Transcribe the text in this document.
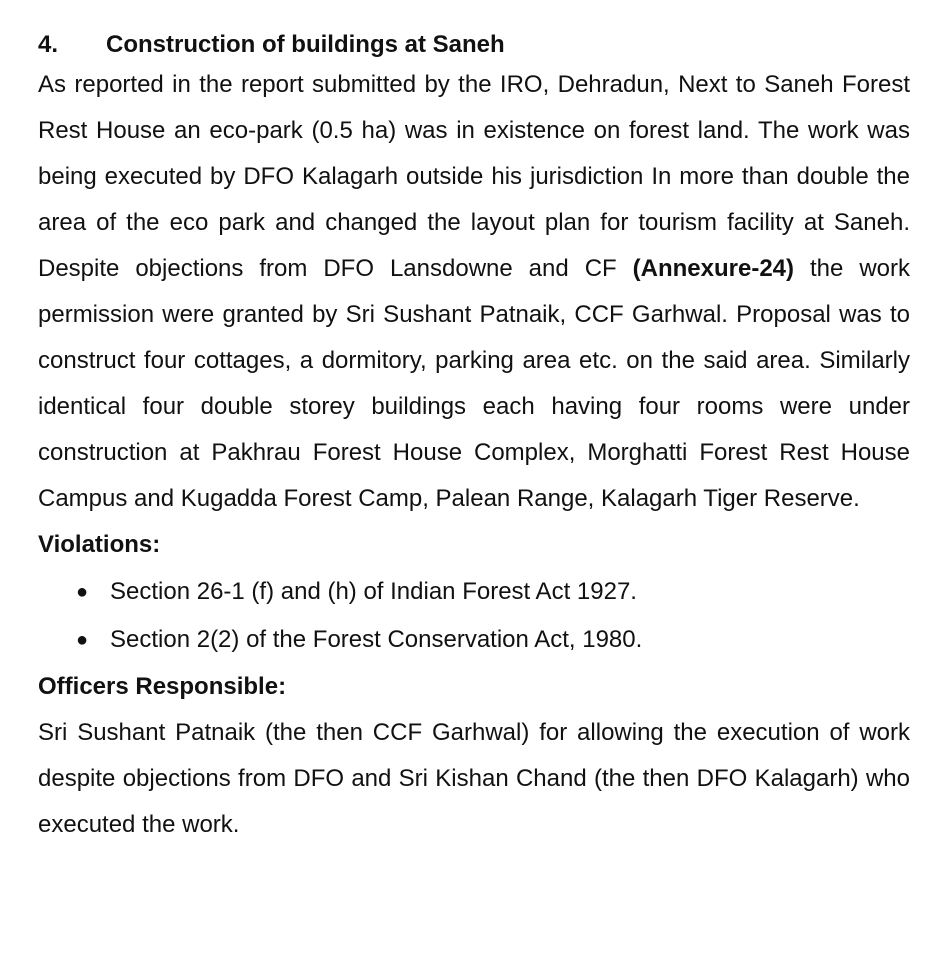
4.	Construction of buildings at Saneh

As reported in the report submitted by the IRO, Dehradun, Next to Saneh Forest Rest House an eco-park (0.5 ha) was in existence on forest land. The work was being executed by DFO Kalagarh outside his jurisdiction In more than double the area of the eco park and changed the layout plan for tourism facility at Saneh. Despite objections from DFO Lansdowne and CF (Annexure-24) the work permission were granted by Sri Sushant Patnaik, CCF Garhwal. Proposal was to construct four cottages, a dormitory, parking area etc. on the said area. Similarly identical four double storey buildings each having four rooms were under construction at Pakhrau Forest House Complex, Morghatti Forest Rest House Campus and Kugadda Forest Camp, Palean Range, Kalagarh Tiger Reserve.

Violations:

● Section 26-1 (f) and (h) of Indian Forest Act 1927.
● Section 2(2) of the Forest Conservation Act, 1980.

Officers Responsible:

Sri Sushant Patnaik (the then CCF Garhwal) for allowing the execution of work despite objections from DFO and Sri Kishan Chand (the then DFO Kalagarh) who executed the work.
